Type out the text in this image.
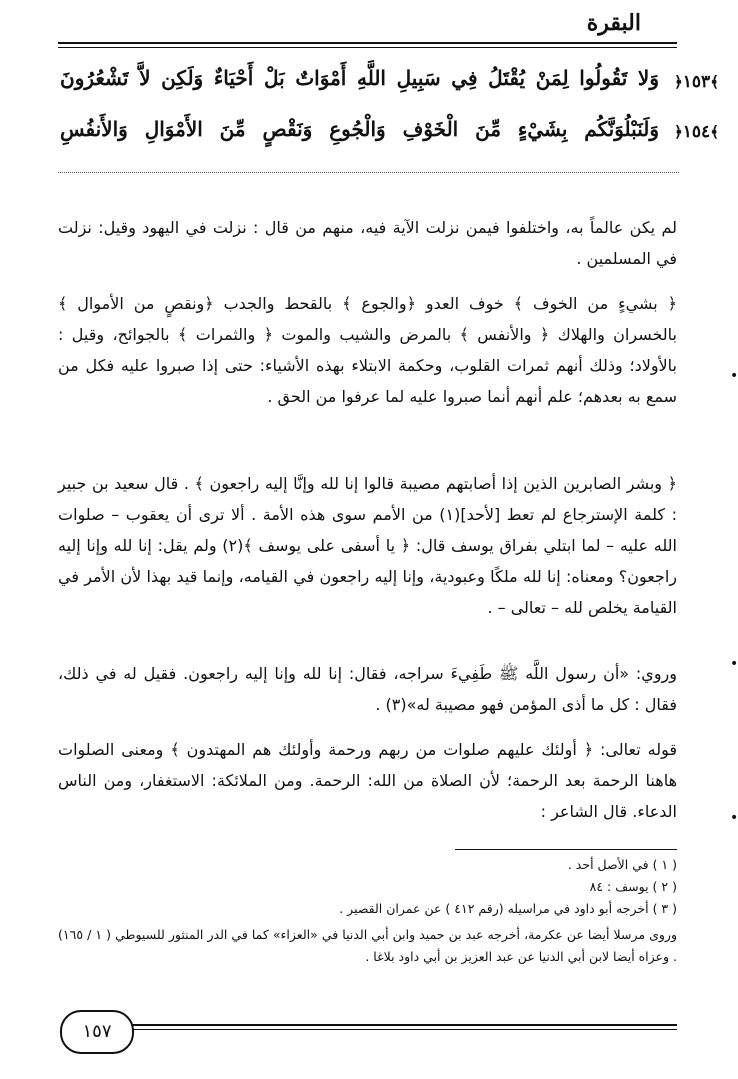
البقرة
وَلا تَقُولُوا لِمَنْ يُقْتَلُ فِي سَبِيلِ اللَّهِ أَمْوَاتٌ بَلْ أَحْيَاءٌ وَلَكِن لاَّ تَشْعُرُونَ	﴿ ١٥٣ ﴾
وَلَنَبْلُوَنَّكُم بِشَيْءٍ مِّنَ الْخَوْفِ وَالْجُوعِ وَنَقْصٍ مِّنَ الأَمْوَالِ وَالأَنفُسِ	﴿ ١٥٤ ﴾
لم يكن عالماً به، واختلفوا فيمن نزلت الآية فيه، منهم من قال : نزلت في اليهود وقيل: نزلت في المسلمين .
﴿ بشيءٍ من الخوف ﴾ خوف العدو ﴿والجوع ﴾ بالقحط والجدب ﴿ونقصٍ من الأموال ﴾ بالخسران والهلاك ﴿ والأنفس ﴾ بالمرض والشيب والموت ﴿ والثمرات ﴾ بالجوائح، وقيل : بالأولاد؛ وذلك أنهم ثمرات القلوب، وحكمة الابتلاء بهذه الأشياء: حتى إذا صبروا عليه فكل من سمع به بعدهم؛ علم أنهم أنما صبروا عليه لما عرفوا من الحق .
﴿ وبشر الصابرين الذين إذا أصابتهم مصيبة قالوا إنا لله وإنَّا إليه راجعون ﴾ . قال سعيد بن جبير : كلمة الإسترجاع لم تعط [لأحد](١) من الأمم سوى هذه الأمة . ألا ترى أن يعقوب – صلوات الله عليه – لما ابتلي بفراق يوسف قال: ﴿ يا أسفى على يوسف ﴾(٢) ولم يقل: إنا لله وإنا إليه راجعون؟ ومعناه: إنا لله ملكًا وعبودية، وإنا إليه راجعون في القيامه، وإنما قيد بهذا لأن الأمر في القيامة يخلص لله – تعالى – .
وروي: «أن رسول اللَّه ﷺ طَفِيءَ سراجه، فقال: إنا لله وإنا إليه راجعون. فقيل له في ذلك، فقال : كل ما أذى المؤمن فهو مصيبة له»(٣) .
قوله تعالى: ﴿ أولئك عليهم صلوات من ربهم ورحمة وأولئك هم المهتدون ﴾ ومعنى الصلوات هاهنا الرحمة بعد الرحمة؛ لأن الصلاة من الله: الرحمة. ومن الملائكة: الاستغفار، ومن الناس الدعاء. قال الشاعر :
( ١ ) في الأصل أحد .
( ٢ ) يوسف : ٨٤
( ٣ ) أخرجه أبو داود في مراسيله (رقم ٤١٢ ) عن عمران القصير .
وروى مرسلا أيضا عن عكرمة، أخرجه عبد بن حميد وابن أبي الدنيا في «العزاء» كما في الدر المنثور للسيوطي ( ١ / ١٦٥) . وعزاه أيضا لابن أبي الدنيا عن عبد العزيز بن أبي داود بلاغا .
١٥٧
•
•
•
